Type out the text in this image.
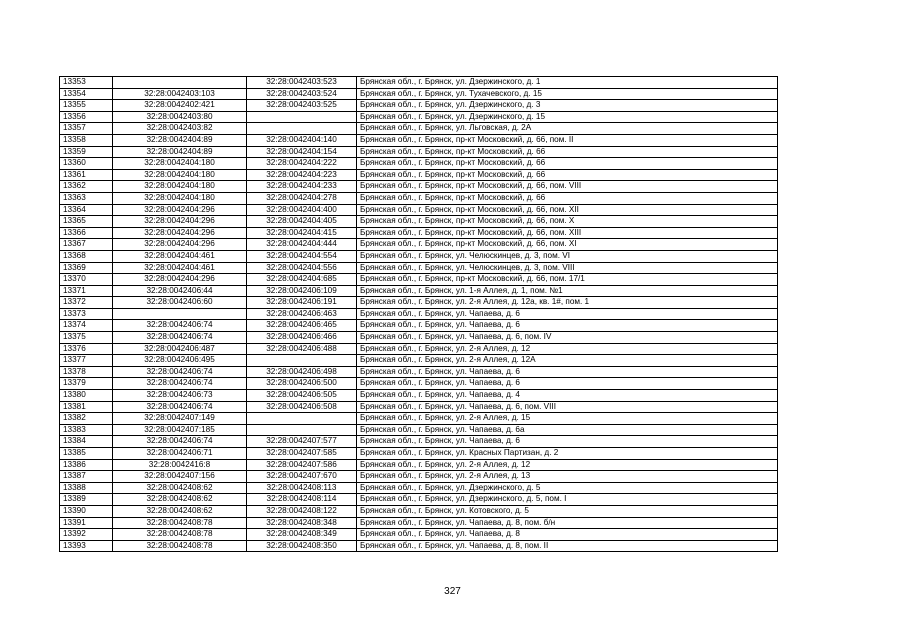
13353		32:28:0042403:523	Брянская обл., г. Брянск, ул. Дзержинского, д. 1
13354	32:28:0042403:103	32:28:0042403:524	Брянская обл., г. Брянск, ул. Тухачевского, д. 15
13355	32:28:0042402:421	32:28:0042403:525	Брянская обл., г. Брянск, ул. Дзержинского, д. 3
13356	32:28:0042403:80		Брянская обл., г. Брянск, ул. Дзержинского, д. 15
13357	32:28:0042403:82		Брянская обл., г. Брянск, ул. Льговская, д. 2А
13358	32:28:0042404:89	32:28:0042404:140	Брянская обл., г. Брянск, пр-кт Московский, д. 66, пом. II
13359	32:28:0042404:89	32:28:0042404:154	Брянская обл., г. Брянск, пр-кт Московский, д. 66
13360	32:28:0042404:180	32:28:0042404:222	Брянская обл., г. Брянск, пр-кт Московский, д. 66
13361	32:28:0042404:180	32:28:0042404:223	Брянская обл., г. Брянск, пр-кт Московский, д. 66
13362	32:28:0042404:180	32:28:0042404:233	Брянская обл., г. Брянск, пр-кт Московский, д. 66, пом. VIII
13363	32:28:0042404:180	32:28:0042404:278	Брянская обл., г. Брянск, пр-кт Московский, д. 66
13364	32:28:0042404:296	32:28:0042404:400	Брянская обл., г. Брянск, пр-кт Московский, д. 66, пом. XII
13365	32:28:0042404:296	32:28:0042404:405	Брянская обл., г. Брянск, пр-кт Московский, д. 66, пом. X
13366	32:28:0042404:296	32:28:0042404:415	Брянская обл., г. Брянск, пр-кт Московский, д. 66, пом. XIII
13367	32:28:0042404:296	32:28:0042404:444	Брянская обл., г. Брянск, пр-кт Московский, д. 66, пом. XI
13368	32:28:0042404:461	32:28:0042404:554	Брянская обл., г. Брянск, ул. Челюскинцев, д. 3, пом. VI
13369	32:28:0042404:461	32:28:0042404:556	Брянская обл., г. Брянск, ул. Челюскинцев, д. 3, пом. VIII
13370	32:28:0042404:296	32:28:0042404:685	Брянская обл., г. Брянск, пр-кт Московский, д. 66, пом. 17/1
13371	32:28:0042406:44	32:28:0042406:109	Брянская обл., г. Брянск, ул. 1-я Аллея, д. 1, пом. №1
13372	32:28:0042406:60	32:28:0042406:191	Брянская обл., г. Брянск, ул. 2-я Аллея, д. 12а, кв. 1#, пом. 1
13373		32:28:0042406:463	Брянская обл., г. Брянск, ул. Чапаева, д. 6
13374	32:28:0042406:74	32:28:0042406:465	Брянская обл., г. Брянск, ул. Чапаева, д. 6
13375	32:28:0042406:74	32:28:0042406:466	Брянская обл., г. Брянск, ул. Чапаева, д. 6, пом. IV
13376	32:28:0042406:487	32:28:0042406:488	Брянская обл., г. Брянск, ул. 2-я Аллея, д. 12
13377	32:28:0042406:495		Брянская обл., г. Брянск, ул. 2-я Аллея, д. 12А
13378	32:28:0042406:74	32:28:0042406:498	Брянская обл., г. Брянск, ул. Чапаева, д. 6
13379	32:28:0042406:74	32:28:0042406:500	Брянская обл., г. Брянск, ул. Чапаева, д. 6
13380	32:28:0042406:73	32:28:0042406:505	Брянская обл., г. Брянск, ул. Чапаева, д. 4
13381	32:28:0042406:74	32:28:0042406:508	Брянская обл., г. Брянск, ул. Чапаева, д. 6, пом. VIII
13382	32:28:0042407:149		Брянская обл., г. Брянск, ул. 2-я Аллея, д. 15
13383	32:28:0042407:185		Брянская обл., г. Брянск, ул. Чапаева, д. 6а
13384	32:28:0042406:74	32:28:0042407:577	Брянская обл., г. Брянск, ул. Чапаева, д. 6
13385	32:28:0042406:71	32:28:0042407:585	Брянская обл., г. Брянск, ул. Красных Партизан, д. 2
13386	32:28:0042416:8	32:28:0042407:586	Брянская обл., г. Брянск, ул. 2-я Аллея, д. 12
13387	32:28:0042407:156	32:28:0042407:670	Брянская обл., г. Брянск, ул. 2-я Аллея, д. 13
13388	32:28:0042408:62	32:28:0042408:113	Брянская обл., г. Брянск, ул. Дзержинского, д. 5
13389	32:28:0042408:62	32:28:0042408:114	Брянская обл., г. Брянск, ул. Дзержинского, д. 5, пом. I
13390	32:28:0042408:62	32:28:0042408:122	Брянская обл., г. Брянск, ул. Котовского, д. 5
13391	32:28:0042408:78	32:28:0042408:348	Брянская обл., г. Брянск, ул. Чапаева, д. 8, пом. б/н
13392	32:28:0042408:78	32:28:0042408:349	Брянская обл., г. Брянск, ул. Чапаева, д. 8
13393	32:28:0042408:78	32:28:0042408:350	Брянская обл., г. Брянск, ул. Чапаева, д. 8, пом. II
327
